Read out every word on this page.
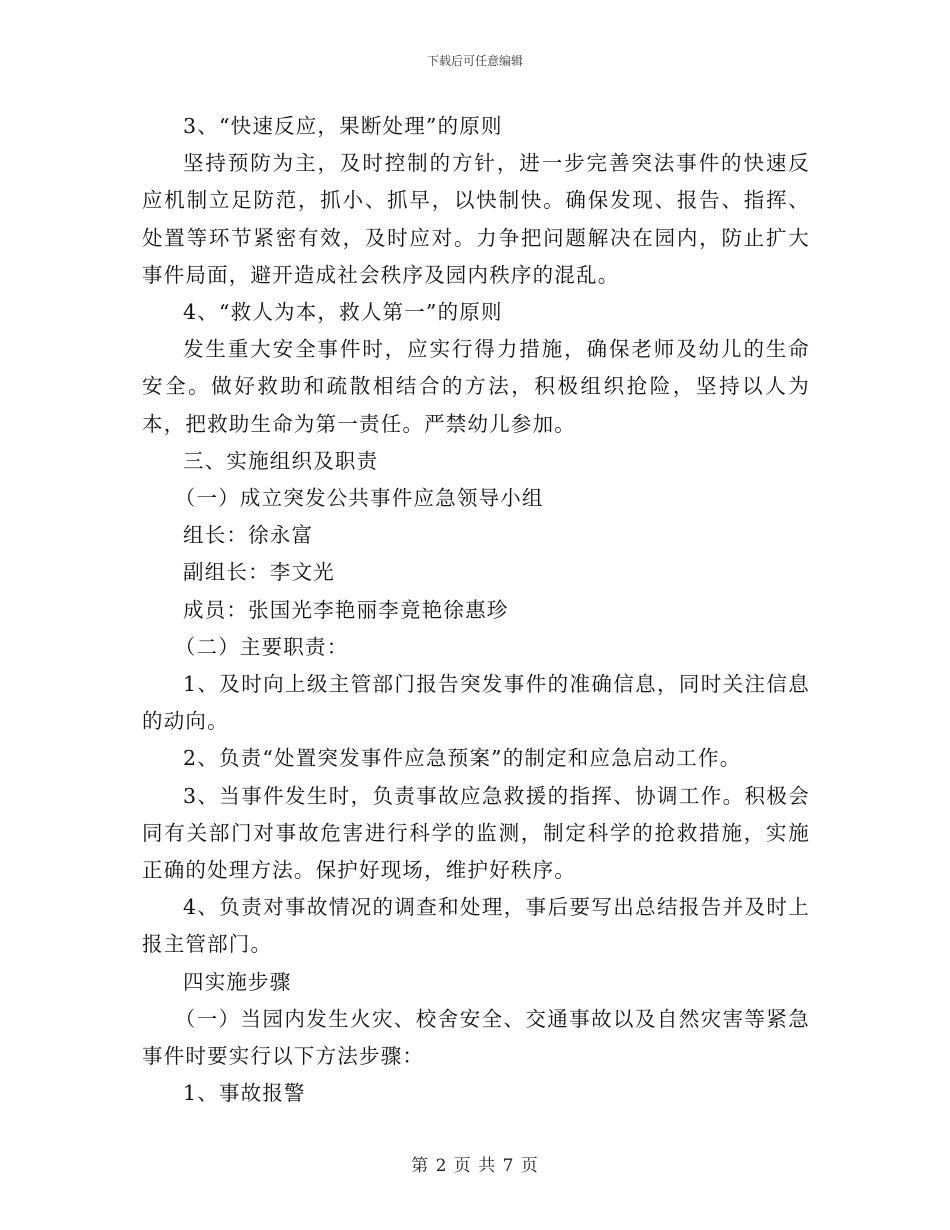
下载后可任意编辑

3、“快速反应，果断处理”的原则

坚持预防为主，及时控制的方针，进一步完善突法事件的快速反应机制立足防范，抓小、抓早，以快制快。确保发现、报告、指挥、处置等环节紧密有效，及时应对。力争把问题解决在园内，防止扩大事件局面，避开造成社会秩序及园内秩序的混乱。

4、“救人为本，救人第一”的原则

发生重大安全事件时，应实行得力措施，确保老师及幼儿的生命安全。做好救助和疏散相结合的方法，积极组织抢险，坚持以人为本，把救助生命为第一责任。严禁幼儿参加。

三、实施组织及职责

（一）成立突发公共事件应急领导小组

组长：徐永富

副组长：李文光

成员：张国光李艳丽李竟艳徐惠珍

（二）主要职责：

1、及时向上级主管部门报告突发事件的准确信息，同时关注信息的动向。

2、负责“处置突发事件应急预案”的制定和应急启动工作。

3、当事件发生时，负责事故应急救援的指挥、协调工作。积极会同有关部门对事故危害进行科学的监测，制定科学的抢救措施，实施正确的处理方法。保护好现场，维护好秩序。

4、负责对事故情况的调查和处理，事后要写出总结报告并及时上报主管部门。

四实施步骤

（一）当园内发生火灾、校舍安全、交通事故以及自然灾害等紧急事件时要实行以下方法步骤：

1、事故报警

第 2 页 共 7 页
